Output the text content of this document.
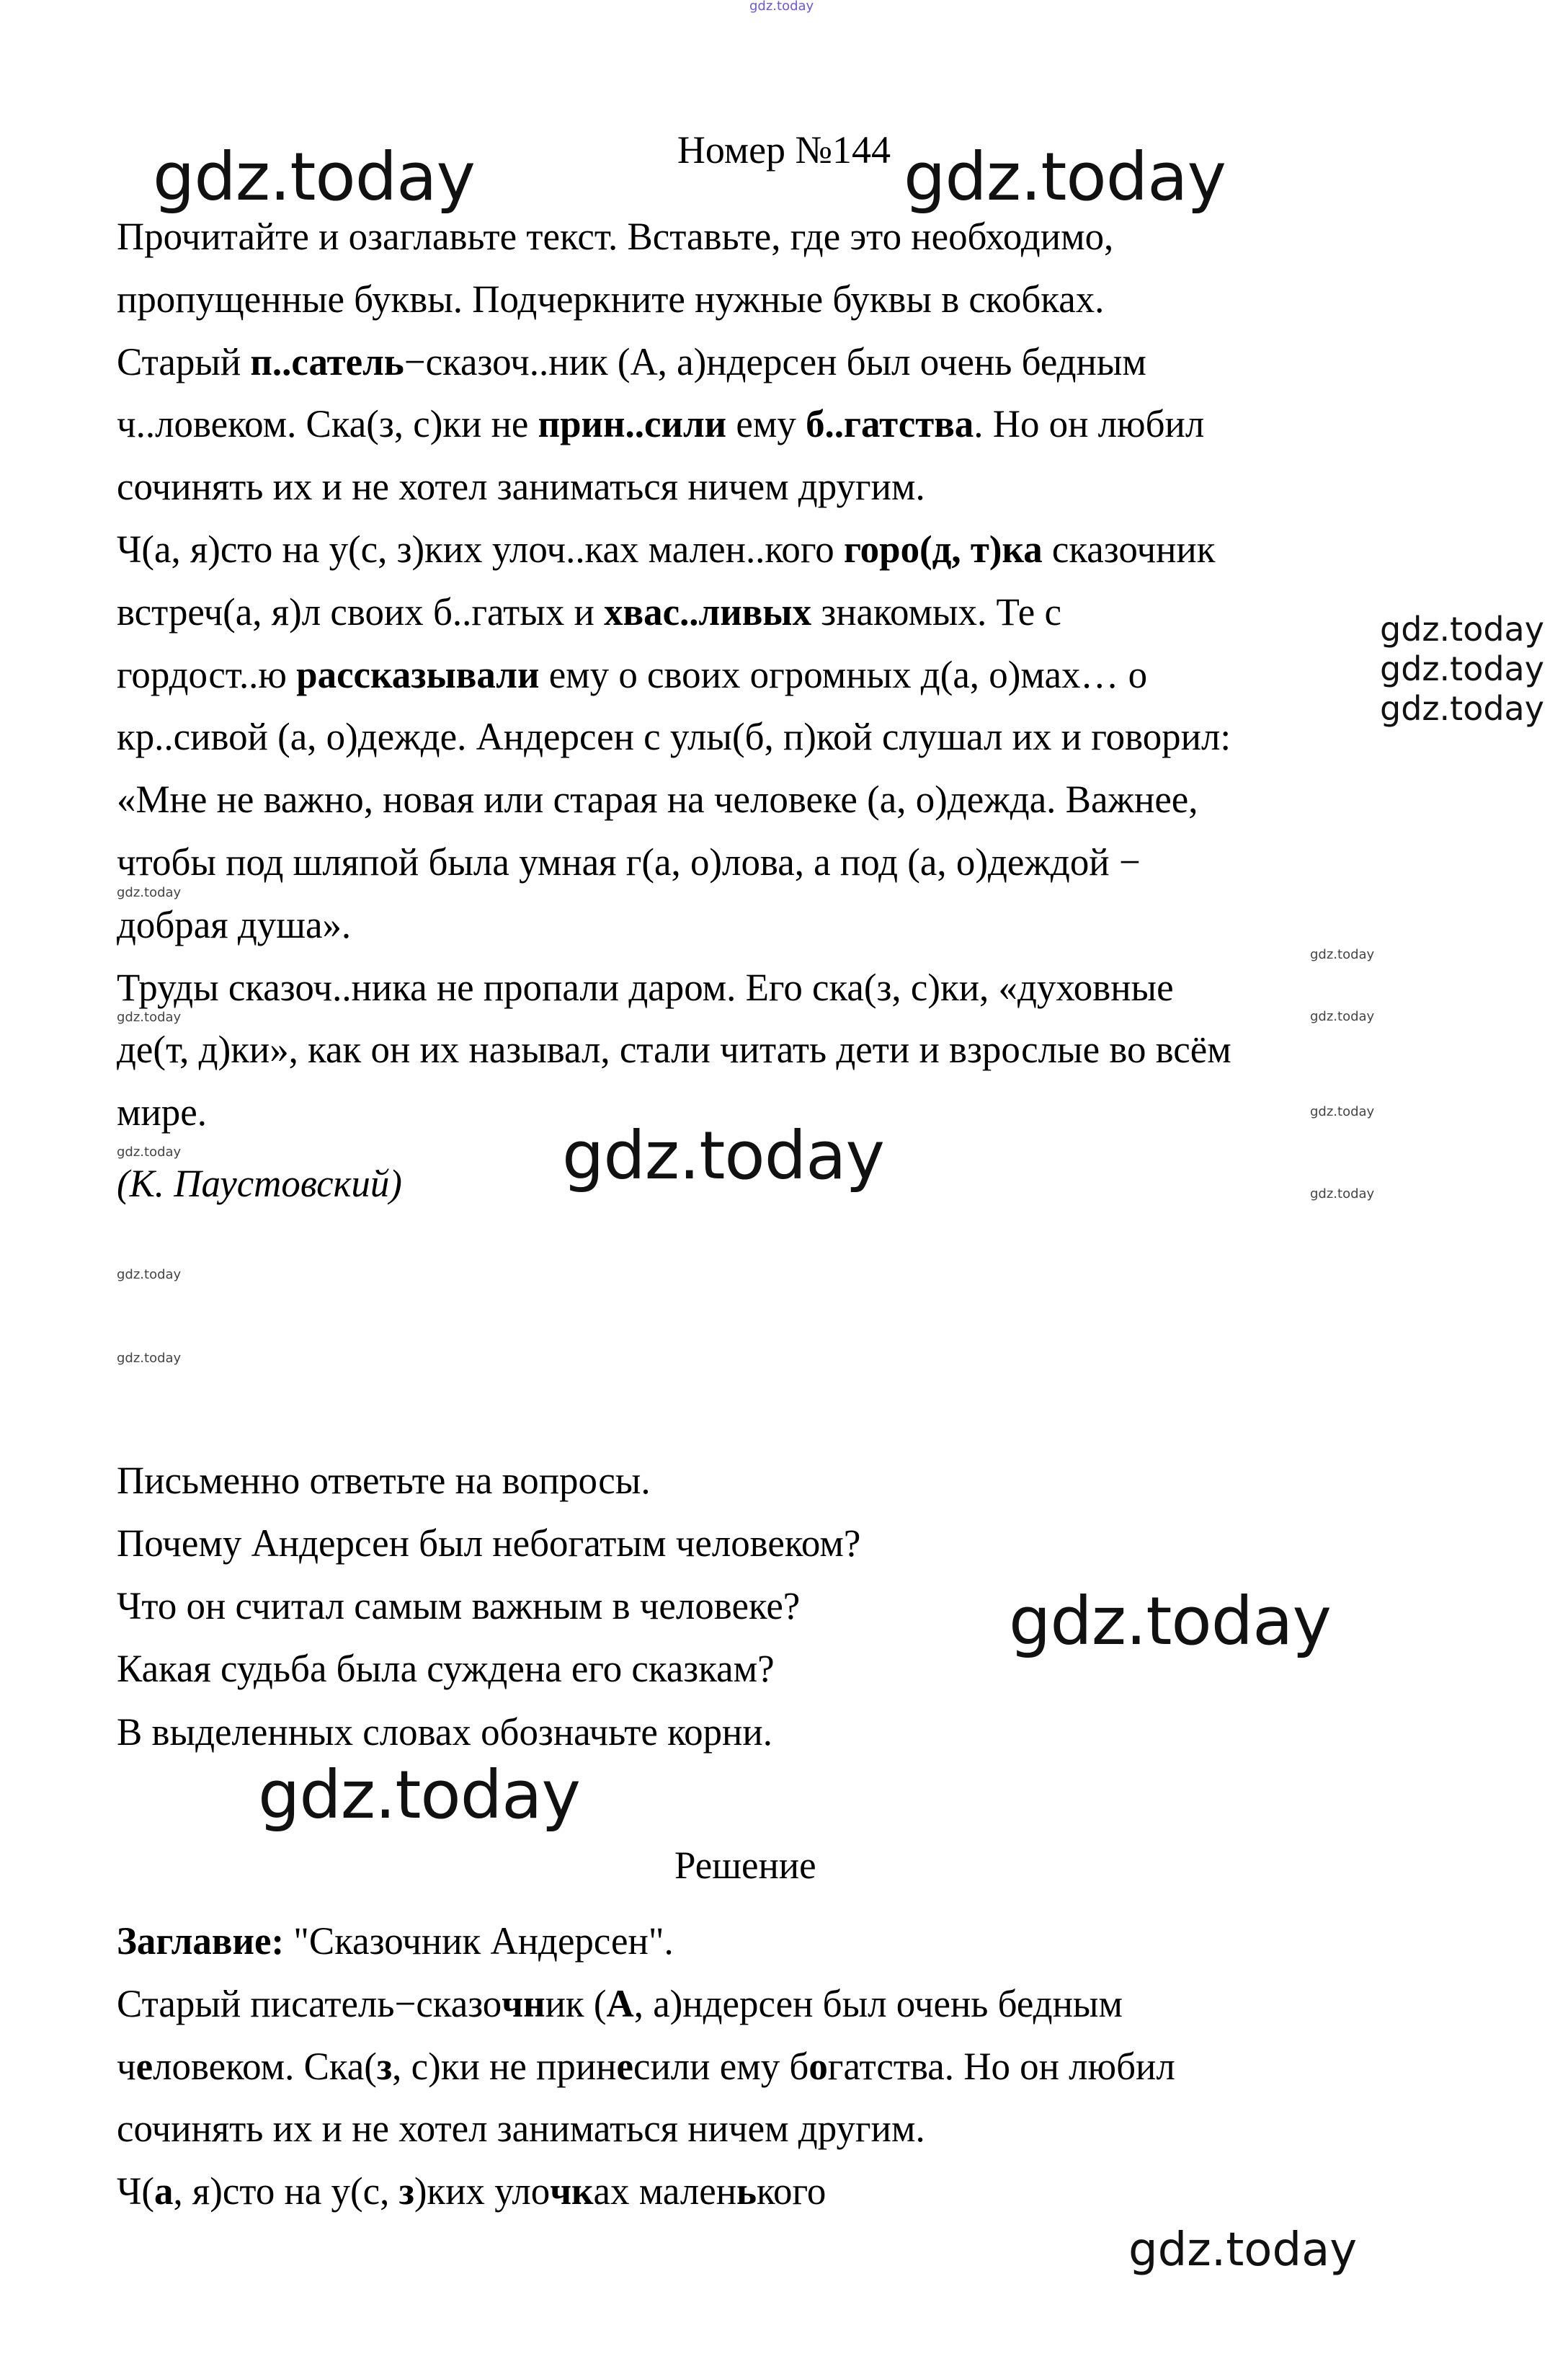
gdz.today
gdz.today	gdz.today
gdz.today
gdz.today
gdz.today
gdz.today
gdz.today
gdz.today
gdz.today
gdz.today
gdz.today
gdz.today
gdz.today
gdz.today
gdz.today
gdz.today
gdz.today
gdz.today
Номер №144
Прочитайте и озаглавьте текст. Вставьте, где это необходимо,
пропущенные буквы. Подчеркните нужные буквы в скобках.
Старый п..сатель−сказоч..ник (А, а)ндерсен был очень бедным
ч..ловеком. Ска(з, с)ки не прин..сили ему б..гатства. Но он любил
сочинять их и не хотел заниматься ничем другим.
Ч(а, я)сто на у(с, з)ких улоч..ках мален..кого горо(д, т)ка сказочник
встреч(а, я)л своих б..гатых и хвас..ливых знакомых. Те с
гордост..ю рассказывали ему о своих огромных д(а, о)мах… о
кр..сивой (а, о)дежде. Андерсен с улы(б, п)кой слушал их и говорил:
«Мне не важно, новая или старая на человеке (а, о)дежда. Важнее,
чтобы под шляпой была умная г(а, о)лова, а под (а, о)деждой −
добрая душа».
Труды сказоч..ника не пропали даром. Его ска(з, с)ки, «духовные
де(т, д)ки», как он их называл, стали читать дети и взрослые во всём
мире.
(К. Паустовский)
Письменно ответьте на вопросы.
Почему Андерсен был небогатым человеком?
Что он считал самым важным в человеке?
Какая судьба была суждена его сказкам?
В выделенных словах обозначьте корни.
Решение
Заглавие: "Сказочник Андерсен".
Старый писатель−сказочник (А, а)ндерсен был очень бедным
человеком. Ска(з, с)ки не принесили ему богатства. Но он любил
сочинять их и не хотел заниматься ничем другим.
Ч(а, я)сто на у(с, з)ких улочках маленького
